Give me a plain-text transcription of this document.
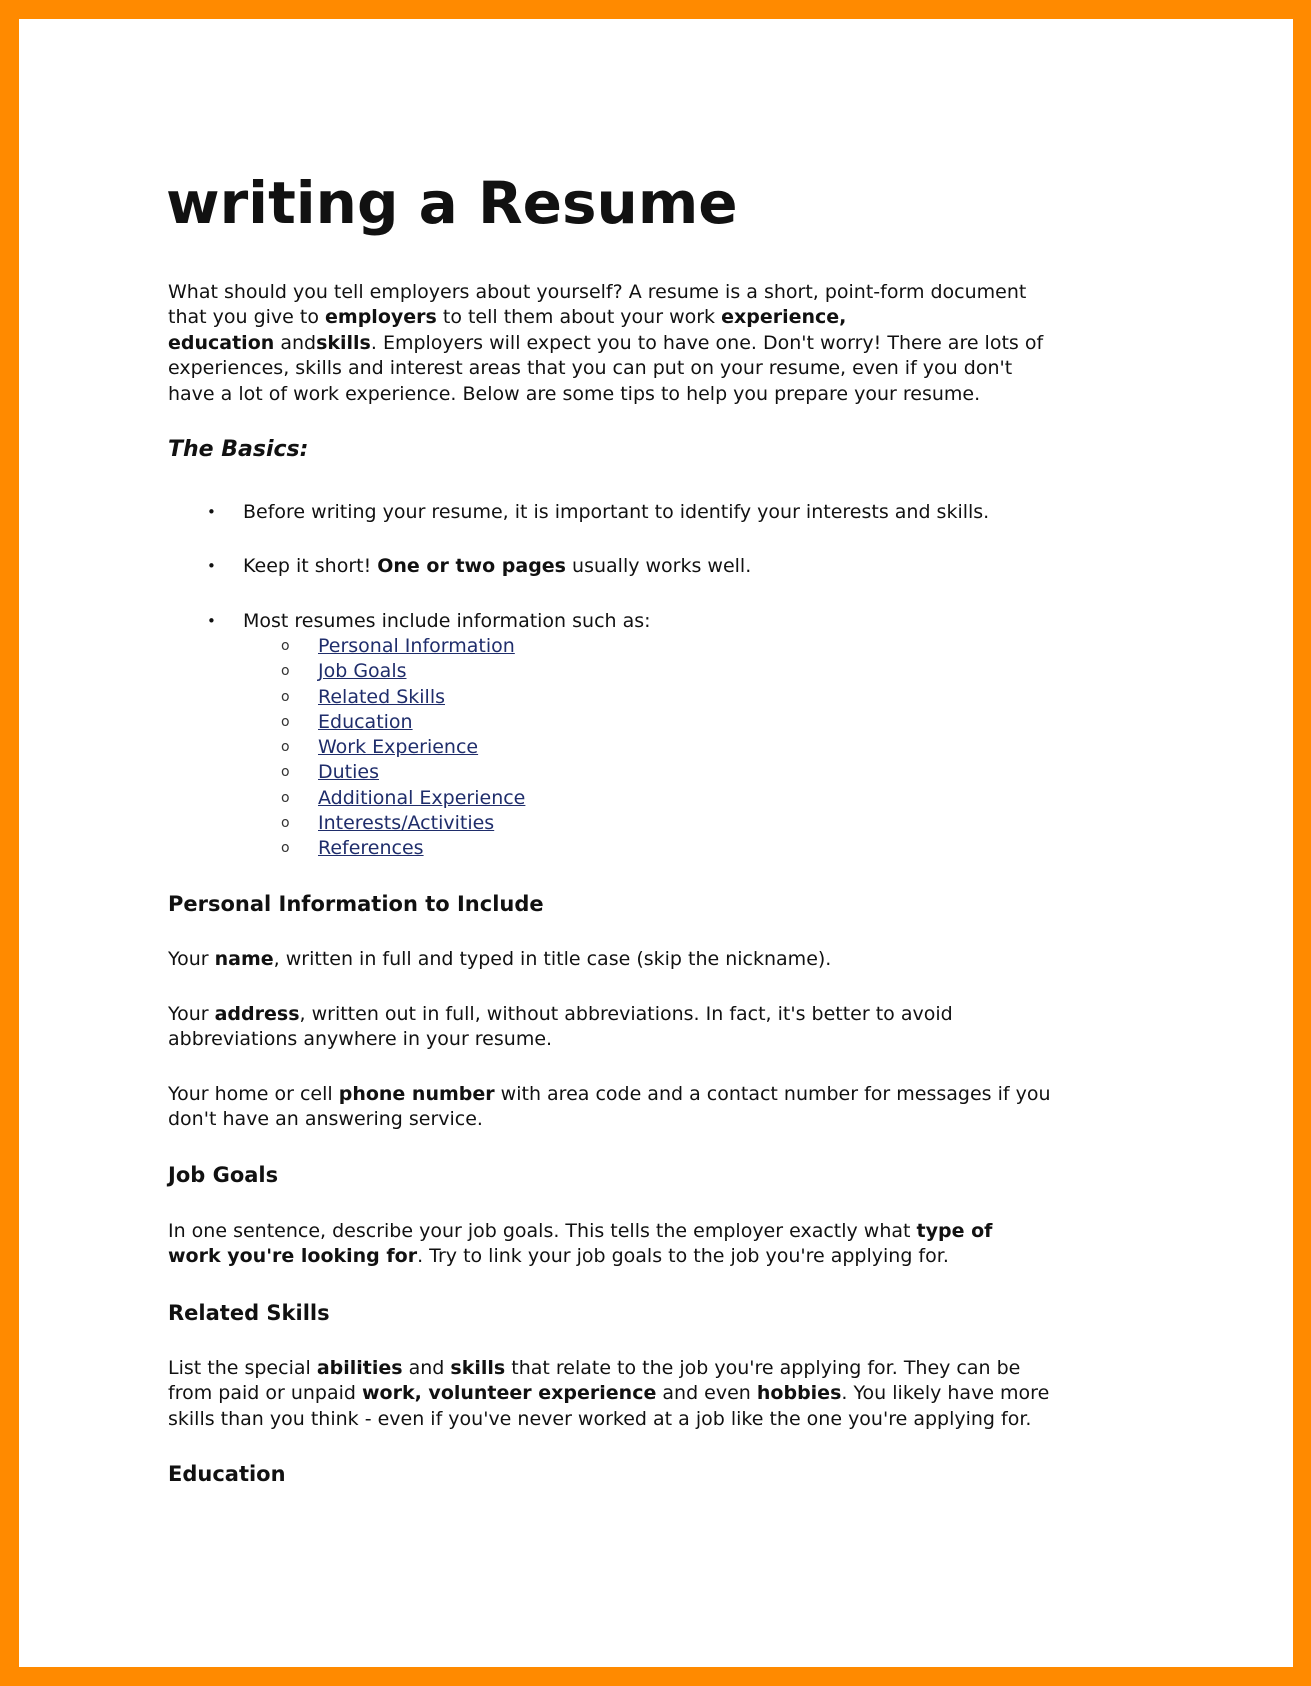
writing a Resume
What should you tell employers about yourself? A resume is a short, point-form document
that you give to employers to tell them about your work experience,
education andskills. Employers will expect you to have one. Don't worry! There are lots of
experiences, skills and interest areas that you can put on your resume, even if you don't
have a lot of work experience. Below are some tips to help you prepare your resume.
The Basics:
• Before writing your resume, it is important to identify your interests and skills.
• Keep it short! One or two pages usually works well.
• Most resumes include information such as:
o Personal Information
o Job Goals
o Related Skills
o Education
o Work Experience
o Duties
o Additional Experience
o Interests/Activities
o References
Personal Information to Include
Your name, written in full and typed in title case (skip the nickname).
Your address, written out in full, without abbreviations. In fact, it's better to avoid
abbreviations anywhere in your resume.
Your home or cell phone number with area code and a contact number for messages if you
don't have an answering service.
Job Goals
In one sentence, describe your job goals. This tells the employer exactly what type of
work you're looking for. Try to link your job goals to the job you're applying for.
Related Skills
List the special abilities and skills that relate to the job you're applying for. They can be
from paid or unpaid work, volunteer experience and even hobbies. You likely have more
skills than you think - even if you've never worked at a job like the one you're applying for.
Education
